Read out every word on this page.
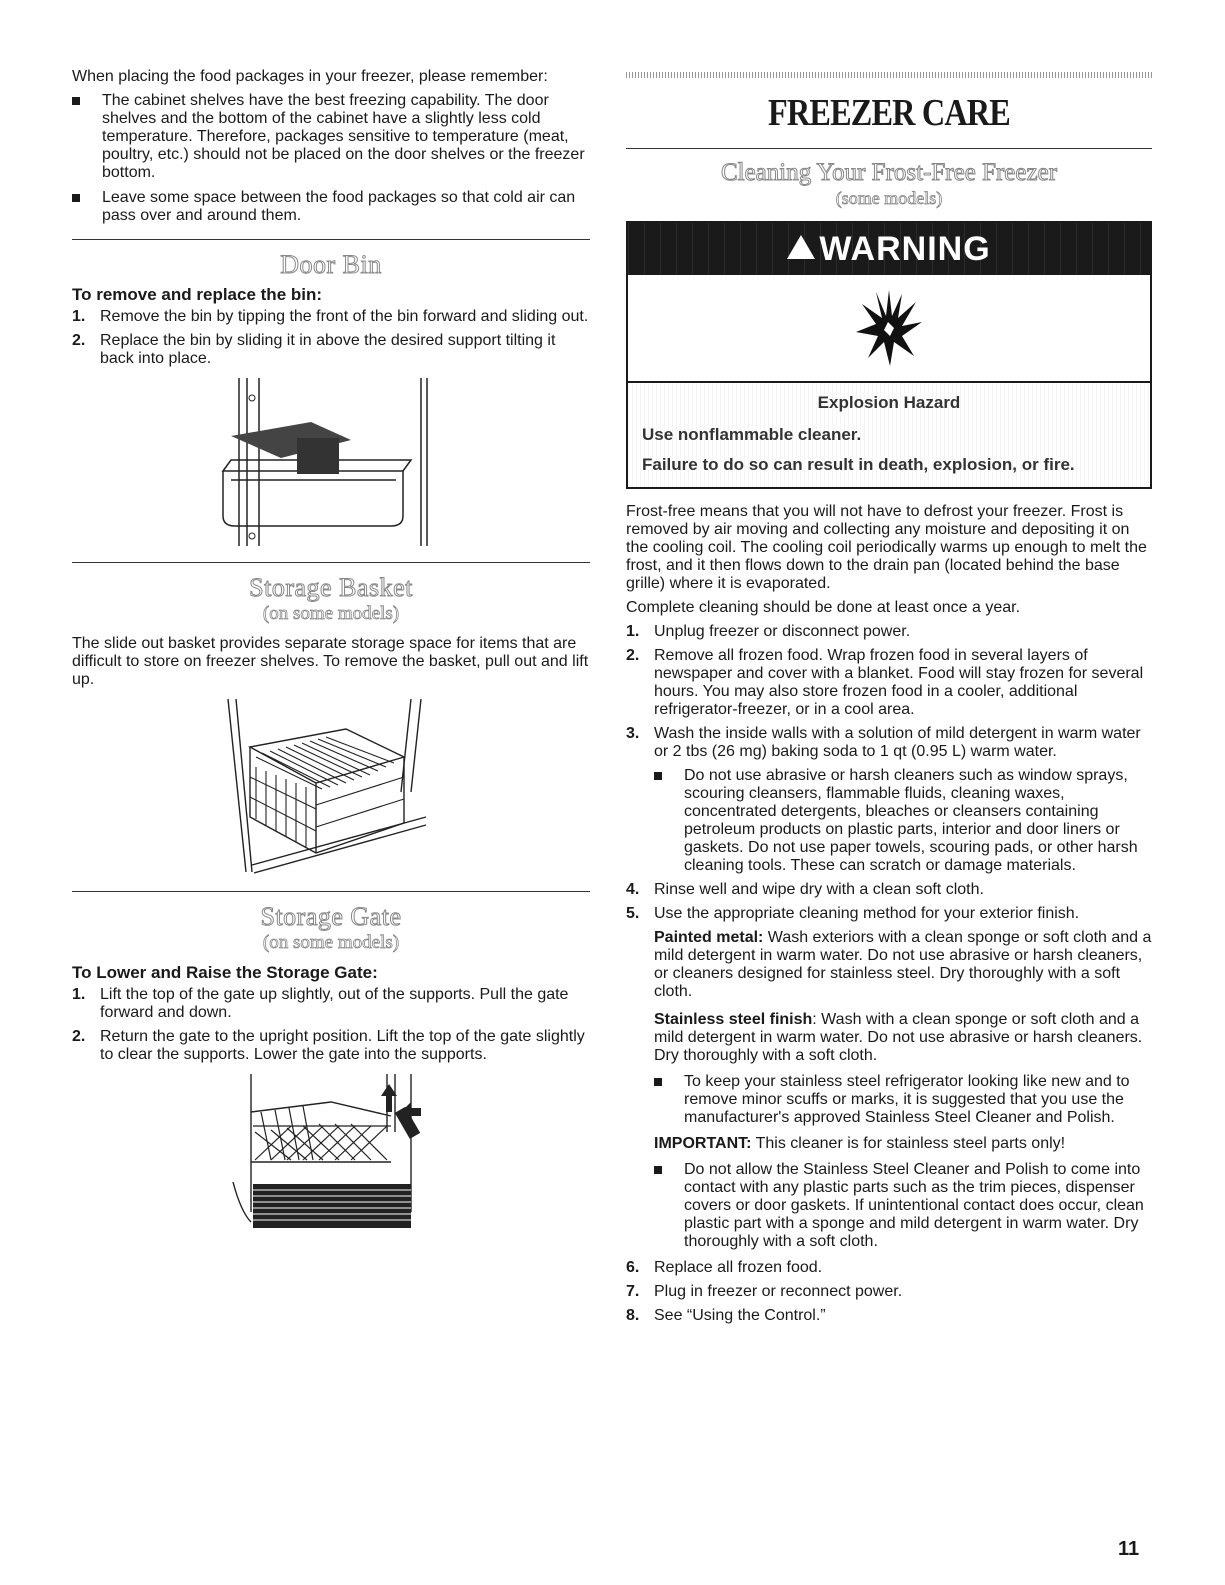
When placing the food packages in your freezer, please remember:

The cabinet shelves have the best freezing capability. The door shelves and the bottom of the cabinet have a slightly less cold temperature. Therefore, packages sensitive to temperature (meat, poultry, etc.) should not be placed on the door shelves or the freezer bottom.
Leave some space between the food packages so that cold air can pass over and around them.
Door Bin
To remove and replace the bin:
1. Remove the bin by tipping the front of the bin forward and sliding out.
2. Replace the bin by sliding it in above the desired support tilting it back into place.
Storage Basket
(on some models)

The slide out basket provides separate storage space for items that are difficult to store on freezer shelves. To remove the basket, pull out and lift up.

Storage Gate
(on some models)
To Lower and Raise the Storage Gate:
1. Lift the top of the gate up slightly, out of the supports. Pull the gate forward and down.
2. Return the gate to the upright position. Lift the top of the gate slightly to clear the supports. Lower the gate into the supports.
FREEZER CARE
Cleaning Your Frost-Free Freezer
(some models)
WARNING
Explosion Hazard
Use nonflammable cleaner.
Failure to do so can result in death, explosion, or fire.

Frost-free means that you will not have to defrost your freezer. Frost is removed by air moving and collecting any moisture and depositing it on the cooling coil. The cooling coil periodically warms up enough to melt the frost, and it then flows down to the drain pan (located behind the base grille) where it is evaporated.

Complete cleaning should be done at least once a year.

1. Unplug freezer or disconnect power.
2. Remove all frozen food. Wrap frozen food in several layers of newspaper and cover with a blanket. Food will stay frozen for several hours. You may also store frozen food in a cooler, additional refrigerator-freezer, or in a cool area.
3. Wash the inside walls with a solution of mild detergent in warm water or 2 tbs (26 mg) baking soda to 1 qt (0.95 L) warm water.
Do not use abrasive or harsh cleaners such as window sprays, scouring cleansers, flammable fluids, cleaning waxes, concentrated detergents, bleaches or cleansers containing petroleum products on plastic parts, interior and door liners or gaskets. Do not use paper towels, scouring pads, or other harsh cleaning tools. These can scratch or damage materials.
4. Rinse well and wipe dry with a clean soft cloth.
5. Use the appropriate cleaning method for your exterior finish.

Painted metal: Wash exteriors with a clean sponge or soft cloth and a mild detergent in warm water. Do not use abrasive or harsh cleaners, or cleaners designed for stainless steel. Dry thoroughly with a soft cloth.

Stainless steel finish: Wash with a clean sponge or soft cloth and a mild detergent in warm water. Do not use abrasive or harsh cleaners. Dry thoroughly with a soft cloth.

To keep your stainless steel refrigerator looking like new and to remove minor scuffs or marks, it is suggested that you use the manufacturer's approved Stainless Steel Cleaner and Polish.

IMPORTANT: This cleaner is for stainless steel parts only!

Do not allow the Stainless Steel Cleaner and Polish to come into contact with any plastic parts such as the trim pieces, dispenser covers or door gaskets. If unintentional contact does occur, clean plastic part with a sponge and mild detergent in warm water. Dry thoroughly with a soft cloth.
6. Replace all frozen food.
7. Plug in freezer or reconnect power.
8. See “Using the Control.”
11
